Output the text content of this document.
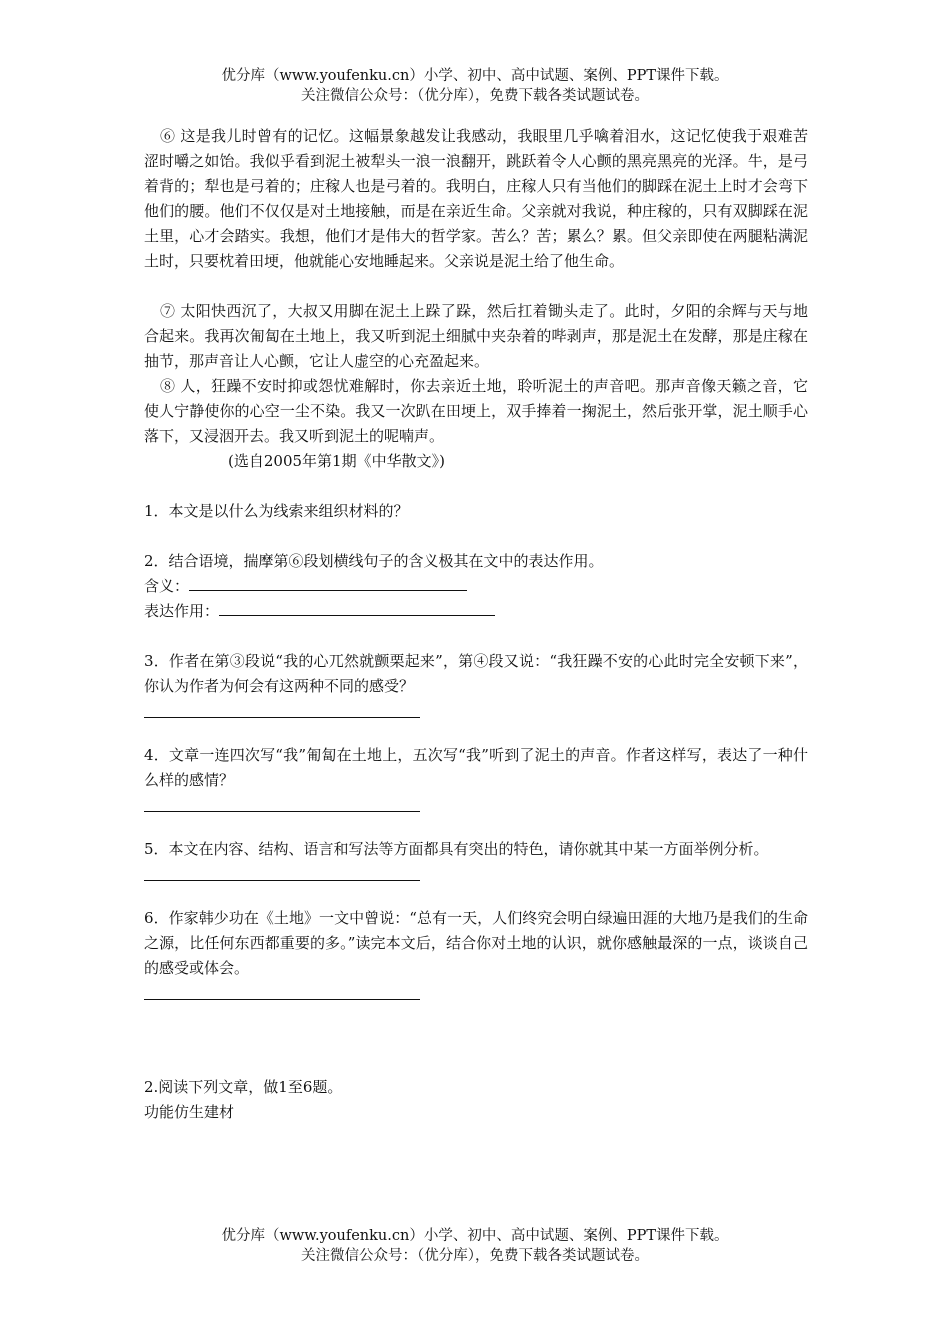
优分库（www.youfenku.cn）小学、初中、高中试题、案例、PPT课件下载。
关注微信公众号：（优分库），免费下载各类试题试卷。

⑥ 这是我儿时曾有的记忆。这幅景象越发让我感动，我眼里几乎噙着泪水，这记忆使我于艰难苦涩时嚼之如饴。我似乎看到泥土被犁头一浪一浪翻开，跳跃着令人心颤的黑亮黑亮的光泽。牛，是弓着背的；犁也是弓着的；庄稼人也是弓着的。我明白，庄稼人只有当他们的脚踩在泥土上时才会弯下他们的腰。他们不仅仅是对土地接触，而是在亲近生命。父亲就对我说，种庄稼的，只有双脚踩在泥土里，心才会踏实。我想，他们才是伟大的哲学家。苦么？苦；累么？累。但父亲即使在两腿粘满泥土时，只要枕着田埂，他就能心安地睡起来。父亲说是泥土给了他生命。

⑦ 太阳快西沉了，大叔又用脚在泥土上跺了跺，然后扛着锄头走了。此时，夕阳的余辉与天与地合起来。我再次匍匐在土地上，我又听到泥土细腻中夹杂着的哔剥声，那是泥土在发酵，那是庄稼在抽节，那声音让人心颤，它让人虚空的心充盈起来。

⑧ 人，狂躁不安时抑或怨忧难解时，你去亲近土地，聆听泥土的声音吧。那声音像天籁之音，它使人宁静使你的心空一尘不染。我又一次趴在田埂上，双手捧着一掬泥土，然后张开掌，泥土顺手心落下，又浸洇开去。我又听到泥土的呢喃声。

(选自2005年第1期《中华散文》)

1．本文是以什么为线索来组织材料的？

2．结合语境，揣摩第⑥段划横线句子的含义极其在文中的表达作用。

含义：

表达作用：

3．作者在第③段说“我的心兀然就颤栗起来”，第④段又说：“我狂躁不安的心此时完全安顿下来”，你认为作者为何会有这两种不同的感受？

4．文章一连四次写“我”匍匐在土地上，五次写“我”听到了泥土的声音。作者这样写，表达了一种什么样的感情？

5．本文在内容、结构、语言和写法等方面都具有突出的特色，请你就其中某一方面举例分析。

6．作家韩少功在《土地》一文中曾说：“总有一天，人们终究会明白绿遍田涯的大地乃是我们的生命之源，比任何东西都重要的多。”读完本文后，结合你对土地的认识，就你感触最深的一点，谈谈自己的感受或体会。

2.阅读下列文章，做1至6题。

功能仿生建材

优分库（www.youfenku.cn）小学、初中、高中试题、案例、PPT课件下载。
关注微信公众号：（优分库），免费下载各类试题试卷。
